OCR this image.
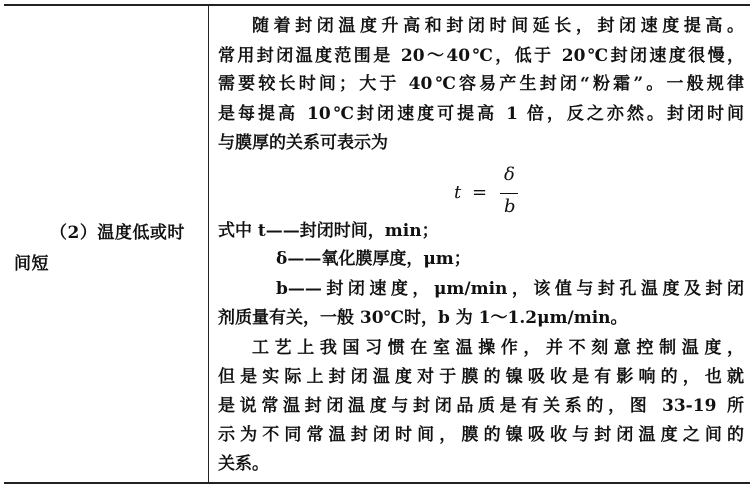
（2）温度低或时间短
随着封闭温度升高和封闭时间延长，封闭速度提高。
常用封闭温度范围是 20～40℃，低于 20℃封闭速度很慢，
需要较长时间；大于 40℃容易产生封闭“粉霜”。一般规律
是每提高 10℃封闭速度可提高 1 倍，反之亦然。封闭时间
与膜厚的关系可表示为
t =
δ
b
式中 t——封闭时间，min；
δ——氧化膜厚度，μm；
b——封闭速度，μm/min，该值与封孔温度及封闭
剂质量有关，一般 30℃时，b 为 1～1.2μm/min。
工艺上我国习惯在室温操作，并不刻意控制温度，
但是实际上封闭温度对于膜的镍吸收是有影响的，也就
是说常温封闭温度与封闭品质是有关系的，图 33-19 所
示为不同常温封闭时间，膜的镍吸收与封闭温度之间的
关系。
